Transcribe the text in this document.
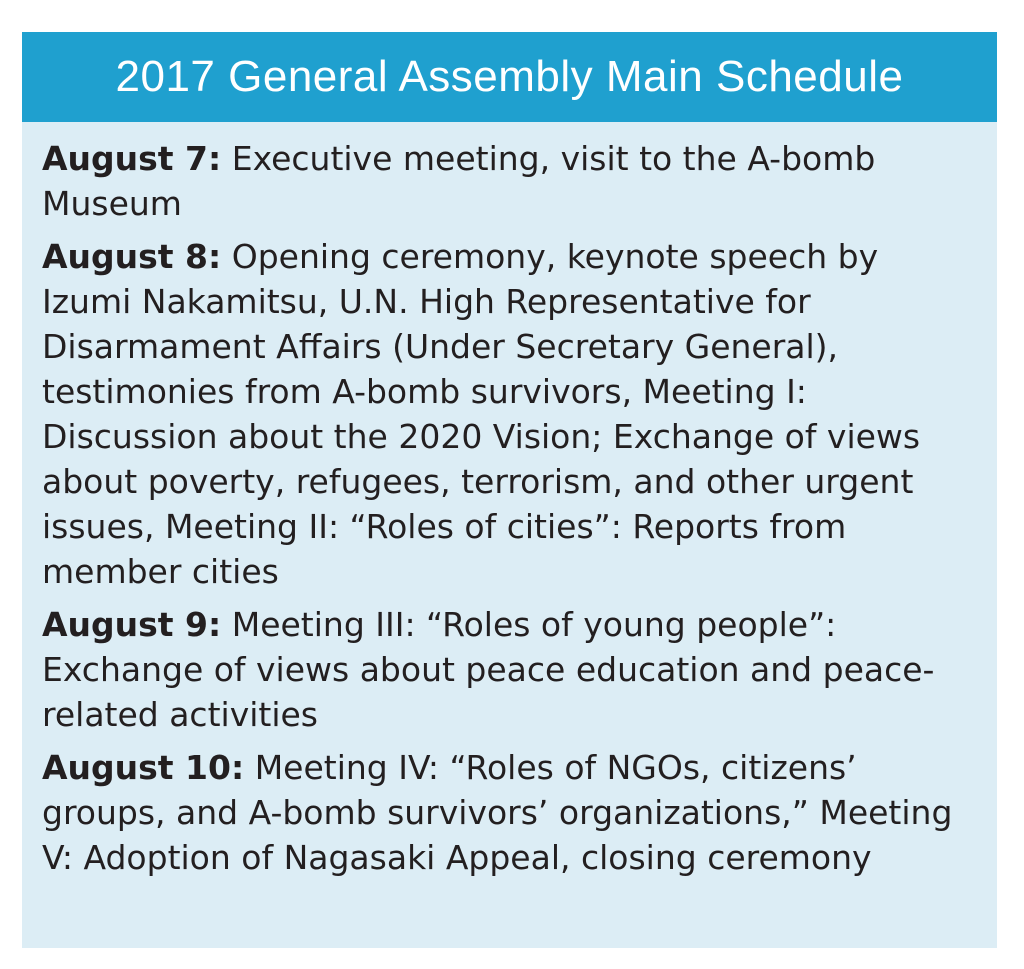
2017 General Assembly Main Schedule

August 7: Executive meeting, visit to the A-bomb Museum

August 8: Opening ceremony, keynote speech by Izumi Nakamitsu, U.N. High Representative for Disarmament Affairs (Under Secretary General), testimonies from A-bomb survivors, Meeting I: Discussion about the 2020 Vision; Exchange of views about poverty, refugees, terrorism, and other urgent issues, Meeting II: “Roles of cities”: Reports from member cities

August 9: Meeting III: “Roles of young people”: Exchange of views about peace education and peace-related activities

August 10: Meeting IV: “Roles of NGOs, citizens’ groups, and A-bomb survivors’ organizations,” Meeting V: Adoption of Nagasaki Appeal, closing ceremony
